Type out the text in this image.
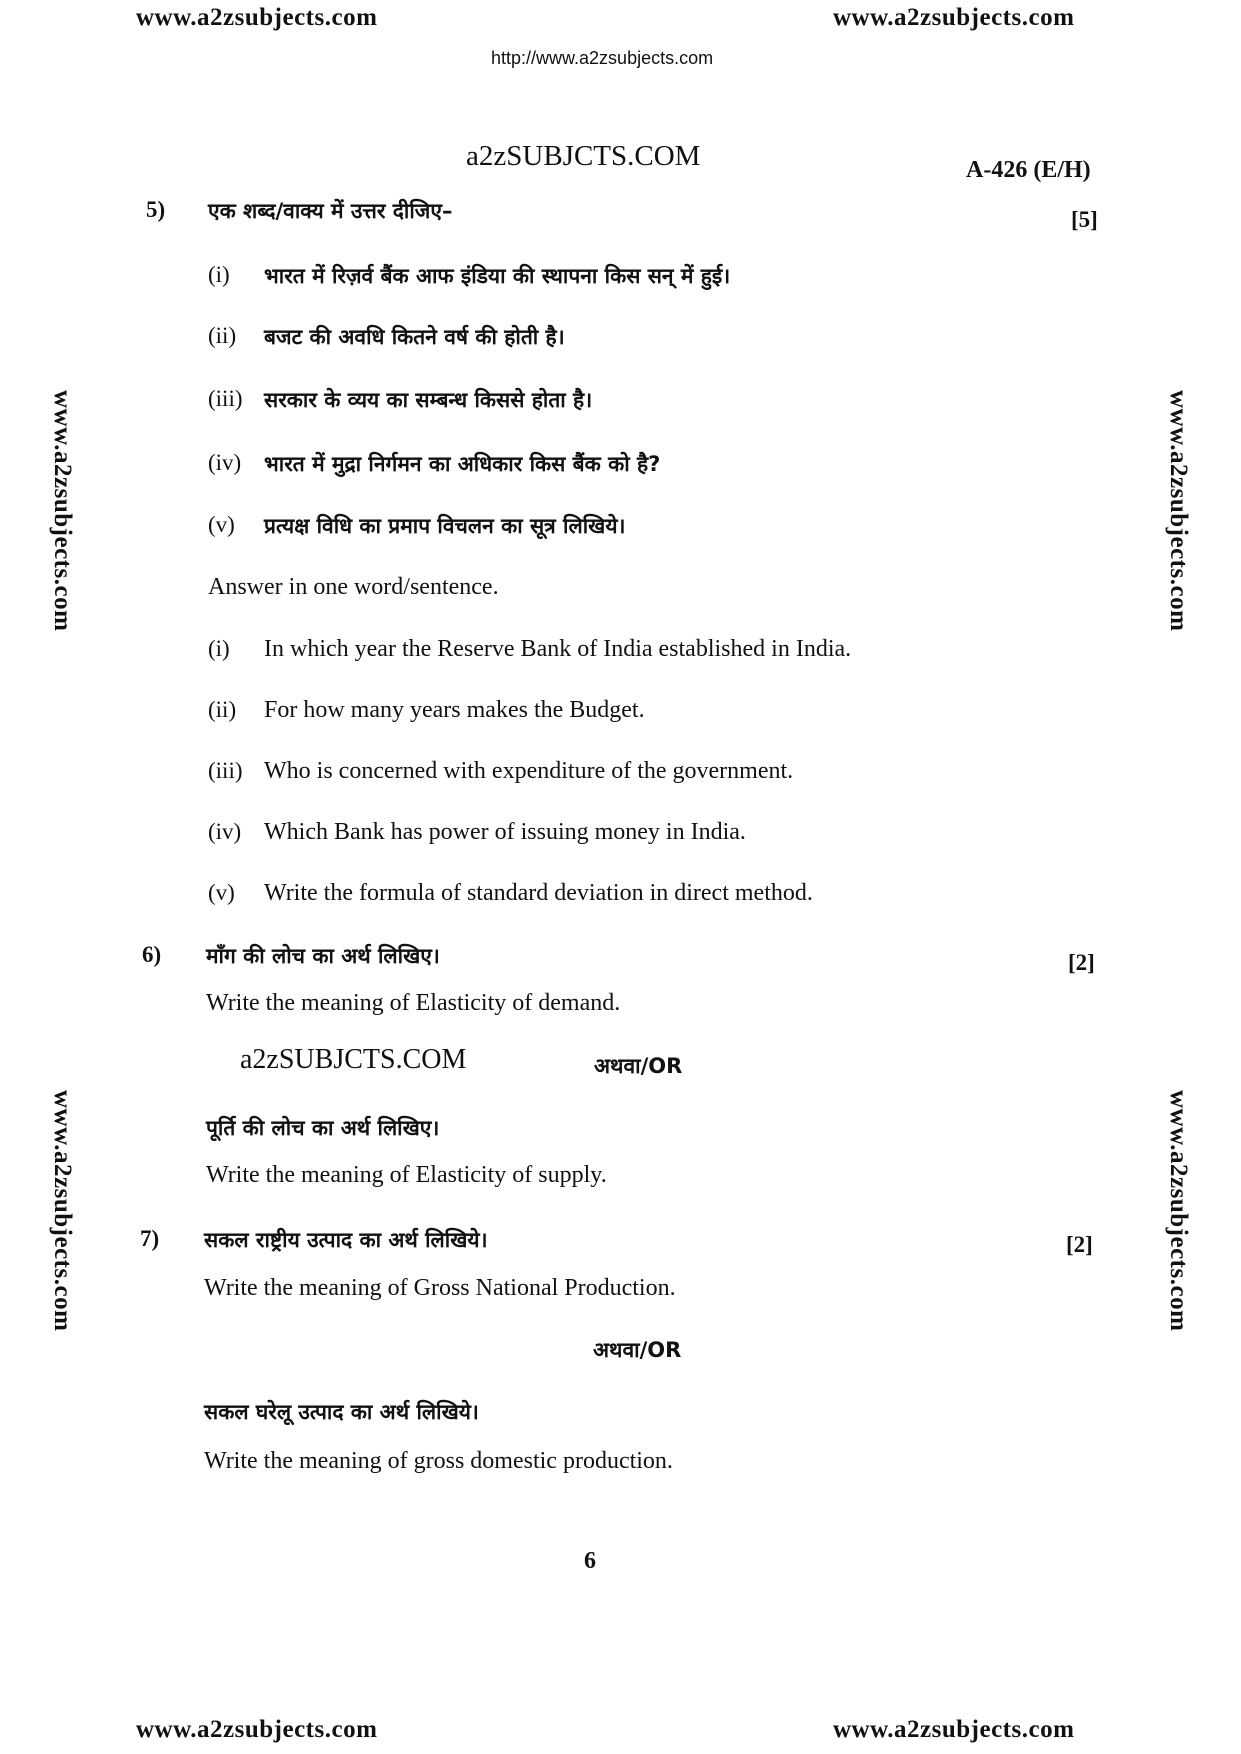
www.a2zsubjects.com	www.a2zsubjects.com
http://www.a2zsubjects.com
www.a2zsubjects.com
www.a2zsubjects.com
www.a2zsubjects.com
www.a2zsubjects.com
a2zSUBJCTS.COM	A-426 (E/H)
5) एक शब्द/वाक्य में उत्तर दीजिए–	[5]
(i) भारत में रिज़र्व बैंक आफ इंडिया की स्थापना किस सन् में हुई।
(ii) बजट की अवधि कितने वर्ष की होती है।
(iii) सरकार के व्यय का सम्बन्ध किससे होता है।
(iv) भारत में मुद्रा निर्गमन का अधिकार किस बैंक को है?
(v) प्रत्यक्ष विधि का प्रमाप विचलन का सूत्र लिखिये।
Answer in one word/sentence.
(i) In which year the Reserve Bank of India established in India.
(ii) For how many years makes the Budget.
(iii) Who is concerned with expenditure of the government.
(iv) Which Bank has power of issuing money in India.
(v) Write the formula of standard deviation in direct method.
6) माँग की लोच का अर्थ लिखिए।	[2]
Write the meaning of Elasticity of demand.
a2zSUBJCTS.COM	अथवा/OR
पूर्ति की लोच का अर्थ लिखिए।
Write the meaning of Elasticity of supply.
7) सकल राष्ट्रीय उत्पाद का अर्थ लिखिये।	[2]
Write the meaning of Gross National Production.
अथवा/OR
सकल घरेलू उत्पाद का अर्थ लिखिये।
Write the meaning of gross domestic production.
6
www.a2zsubjects.com	www.a2zsubjects.com
